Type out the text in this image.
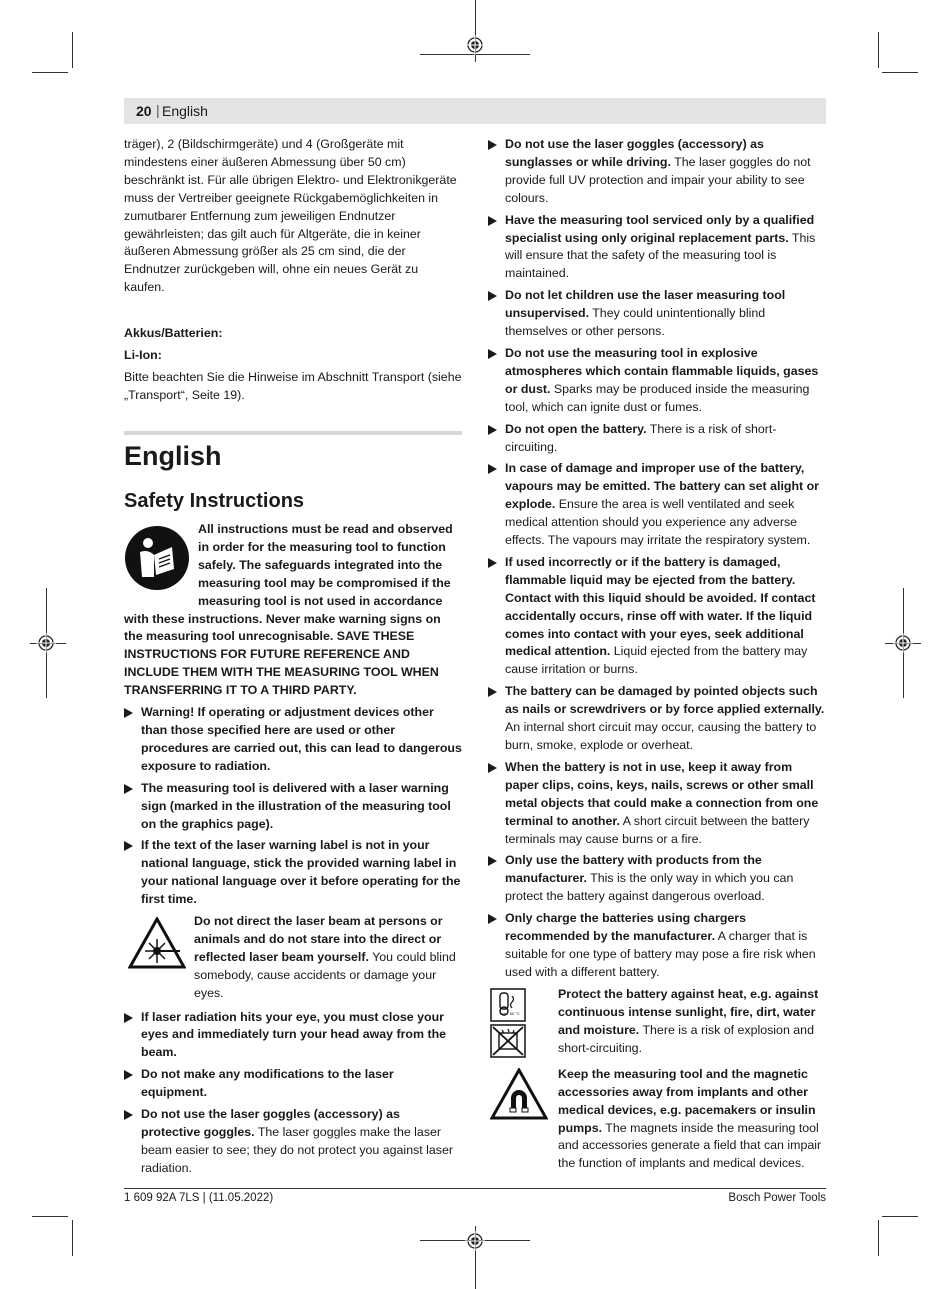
20 | English

träger), 2 (Bildschirmgeräte) und 4 (Großgeräte mit mindestens einer äußeren Abmessung über 50 cm) beschränkt ist. Für alle übrigen Elektro- und Elektronikgeräte muss der Vertreiber geeignete Rückgabemöglichkeiten in zumutbarer Entfernung zum jeweiligen Endnutzer gewährleisten; das gilt auch für Altgeräte, die in keiner äußeren Abmessung größer als 25 cm sind, die der Endnutzer zurückgeben will, ohne ein neues Gerät zu kaufen.

Akkus/Batterien:

Li-Ion:

Bitte beachten Sie die Hinweise im Abschnitt Transport (siehe „Transport“, Seite 19).

English
Safety Instructions

All instructions must be read and observed in order for the measuring tool to function safely. The safeguards integrated into the measuring tool may be compromised if the measuring tool is not used in accordance with these instructions. Never make warning signs on the measuring tool unrecognisable. SAVE THESE INSTRUCTIONS FOR FUTURE REFERENCE AND INCLUDE THEM WITH THE MEASURING TOOL WHEN TRANSFERRING IT TO A THIRD PARTY.

Warning! If operating or adjustment devices other than those specified here are used or other procedures are carried out, this can lead to dangerous exposure to radiation.
The measuring tool is delivered with a laser warning sign (marked in the illustration of the measuring tool on the graphics page).
If the text of the laser warning label is not in your national language, stick the provided warning label in your national language over it before operating for the first time.
Do not direct the laser beam at persons or animals and do not stare into the direct or reflected laser beam yourself. You could blind somebody, cause accidents or damage your eyes.
If laser radiation hits your eye, you must close your eyes and immediately turn your head away from the beam.
Do not make any modifications to the laser equipment.
Do not use the laser goggles (accessory) as protective goggles. The laser goggles make the laser beam easier to see; they do not protect you against laser radiation.
Do not use the laser goggles (accessory) as sunglasses or while driving. The laser goggles do not provide full UV protection and impair your ability to see colours.
Have the measuring tool serviced only by a qualified specialist using only original replacement parts. This will ensure that the safety of the measuring tool is maintained.
Do not let children use the laser measuring tool unsupervised. They could unintentionally blind themselves or other persons.
Do not use the measuring tool in explosive atmospheres which contain flammable liquids, gases or dust. Sparks may be produced inside the measuring tool, which can ignite dust or fumes.
Do not open the battery. There is a risk of short-circuiting.
In case of damage and improper use of the battery, vapours may be emitted. The battery can set alight or explode. Ensure the area is well ventilated and seek medical attention should you experience any adverse effects. The vapours may irritate the respiratory system.
If used incorrectly or if the battery is damaged, flammable liquid may be ejected from the battery. Contact with this liquid should be avoided. If contact accidentally occurs, rinse off with water. If the liquid comes into contact with your eyes, seek additional medical attention. Liquid ejected from the battery may cause irritation or burns.
The battery can be damaged by pointed objects such as nails or screwdrivers or by force applied externally. An internal short circuit may occur, causing the battery to burn, smoke, explode or overheat.
When the battery is not in use, keep it away from paper clips, coins, keys, nails, screws or other small metal objects that could make a connection from one terminal to another. A short circuit between the battery terminals may cause burns or a fire.
Only use the battery with products from the manufacturer. This is the only way in which you can protect the battery against dangerous overload.
Only charge the batteries using chargers recommended by the manufacturer. A charger that is suitable for one type of battery may pose a fire risk when used with a different battery.
max. 60 °C
Protect the battery against heat, e.g. against continuous intense sunlight, fire, dirt, water and moisture. There is a risk of explosion and short-circuiting.
Keep the measuring tool and the magnetic accessories away from implants and other medical devices, e.g. pacemakers or insulin pumps. The magnets inside the measuring tool and accessories generate a field that can impair the function of implants and medical devices.
1 609 92A 7LS | (11.05.2022)	Bosch Power Tools
